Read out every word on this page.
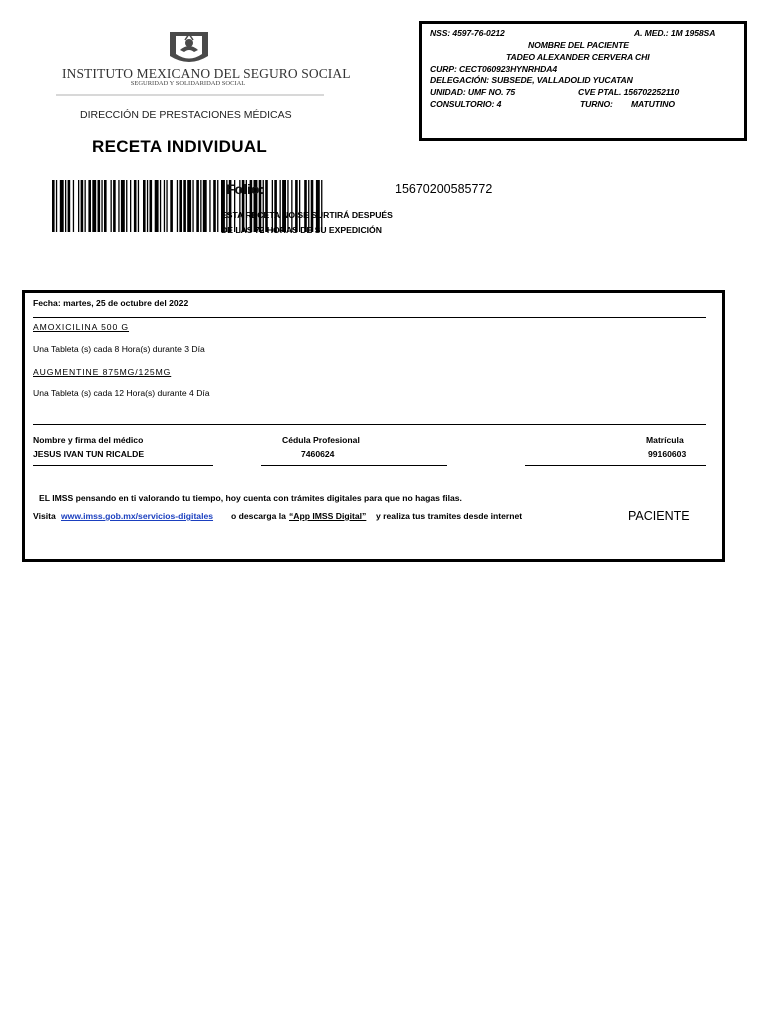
INSTITUTO MEXICANO DEL SEGURO SOCIAL
SEGURIDAD Y SOLIDARIDAD SOCIAL
DIRECCIÓN DE PRESTACIONES MÉDICAS
RECETA INDIVIDUAL
Folio:	15670200585772
ESTA RECETA NO SE SURTIRÁ DESPUÉS
DE LAS 72 HORAS DE SU EXPEDICIÓN
NSS: 4597-76-0212	A. MED.: 1M 1958SA
NOMBRE DEL PACIENTE
TADEO ALEXANDER CERVERA CHI
CURP: CECT060923HYNRHDA4
DELEGACIÓN: SUBSEDE, VALLADOLID YUCATAN
UNIDAD: UMF NO. 75	CVE PTAL. 156702252110
CONSULTORIO: 4	TURNO: MATUTINO
Fecha: martes, 25 de octubre del 2022
AMOXICILINA 500 G
Una Tableta (s) cada 8 Hora(s) durante 3 Día
AUGMENTINE 875MG/125MG
Una Tableta (s) cada 12 Hora(s) durante 4 Día
Nombre y firma del médico	Cédula Profesional	Matrícula
JESUS IVAN TUN RICALDE	7460624	99160603
EL IMSS pensando en ti valorando tu tiempo, hoy cuenta con trámites digitales para que no hagas filas.
Visita www.imss.gob.mx/servicios-digitales o descarga la “App IMSS Digital” y realiza tus tramites desde internet	PACIENTE
